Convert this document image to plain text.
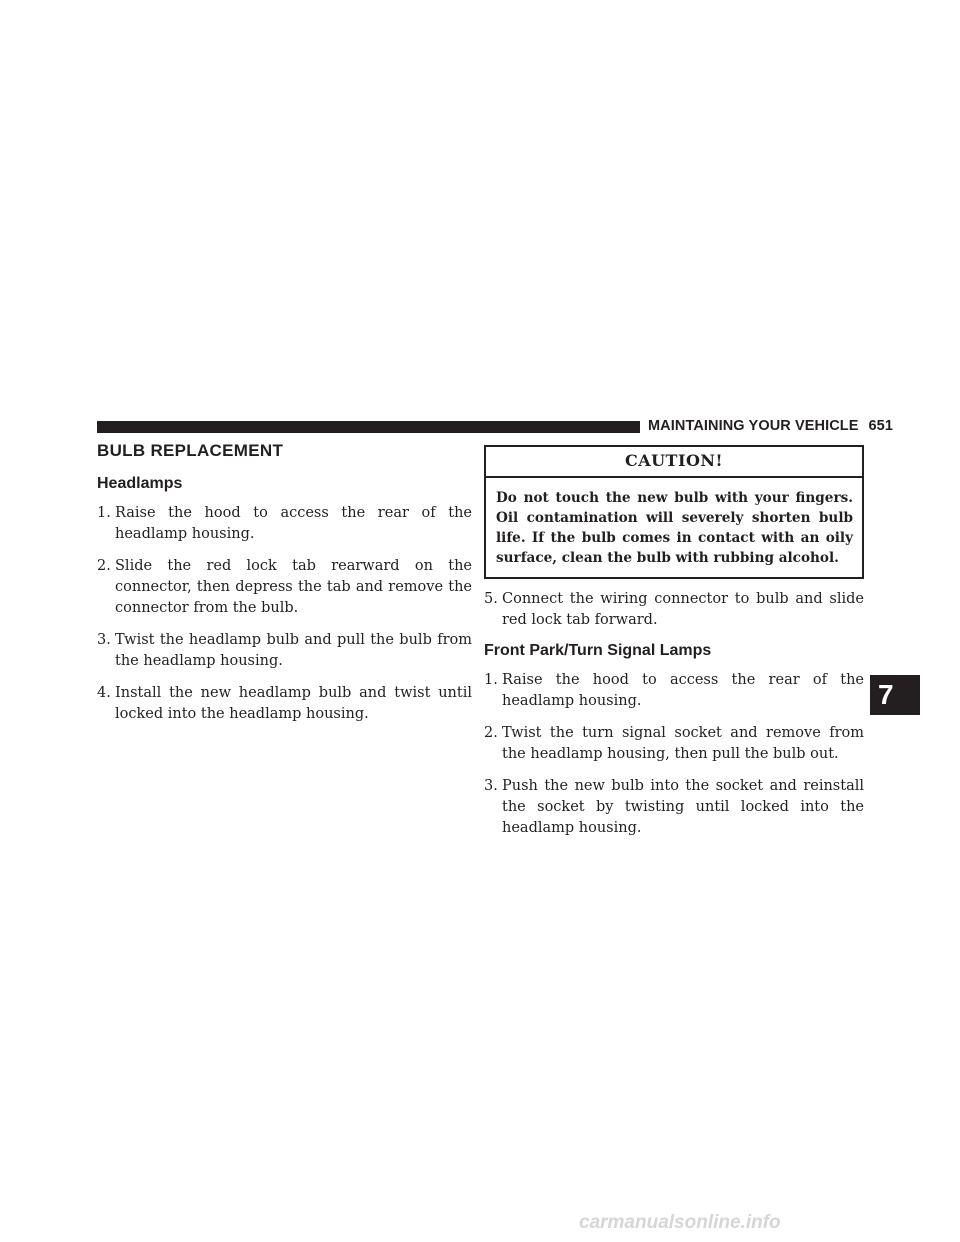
MAINTAINING YOUR VEHICLE 651
7
BULB REPLACEMENT
Headlamps
1. Raise the hood to access the rear of the headlamp housing.
2. Slide the red lock tab rearward on the connector, then depress the tab and remove the connector from the bulb.
3. Twist the headlamp bulb and pull the bulb from the headlamp housing.
4. Install the new headlamp bulb and twist until locked into the headlamp housing.
CAUTION!
Do not touch the new bulb with your fingers. Oil contamination will severely shorten bulb life. If the bulb comes in contact with an oily surface, clean the bulb with rubbing alcohol.
5. Connect the wiring connector to bulb and slide red lock tab forward.
Front Park/Turn Signal Lamps
1. Raise the hood to access the rear of the headlamp housing.
2. Twist the turn signal socket and remove from the headlamp housing, then pull the bulb out.
3. Push the new bulb into the socket and reinstall the socket by twisting until locked into the headlamp housing.
carmanualsonline.info
